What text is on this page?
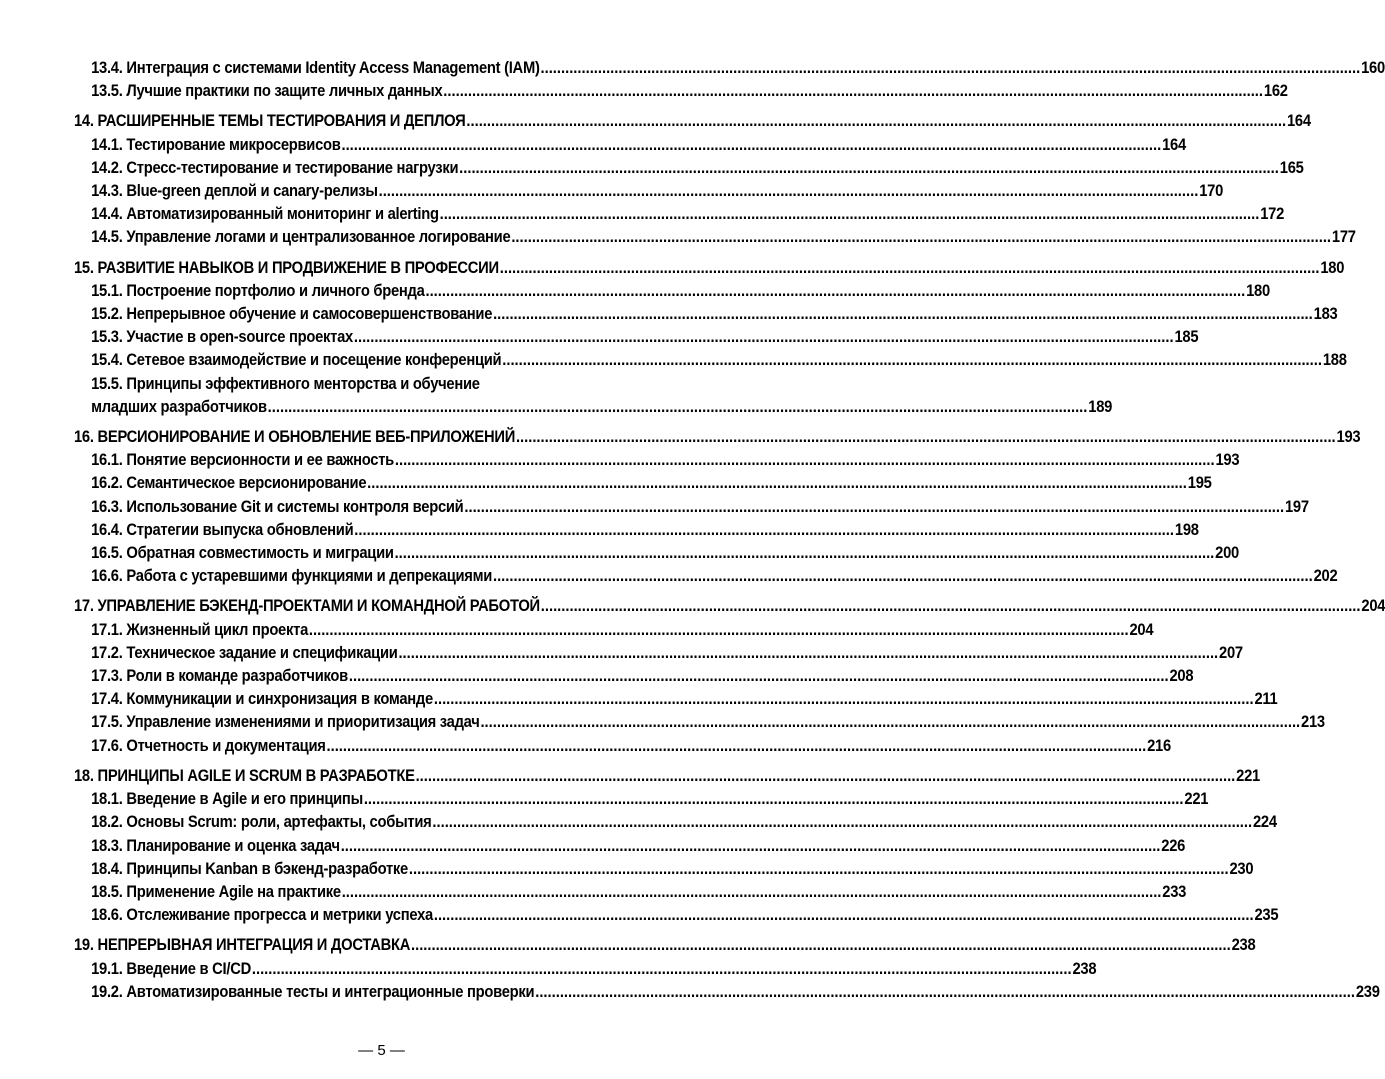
13.4. Интеграция с системами Identity Access Management (IAM) .....	160
13.5. Лучшие практики по защите личных данных .....	162
14. РАСШИРЕННЫЕ ТЕМЫ ТЕСТИРОВАНИЯ И ДЕПЛОЯ .....	164
14.1. Тестирование микросервисов .....	164
14.2. Стресс-тестирование и тестирование нагрузки .....	165
14.3. Blue-green деплой и canary-релизы .....	170
14.4. Автоматизированный мониторинг и alerting .....	172
14.5. Управление логами и централизованное логирование .....	177
15. РАЗВИТИЕ НАВЫКОВ И ПРОДВИЖЕНИЕ В ПРОФЕССИИ .....	180
15.1. Построение портфолио и личного бренда .....	180
15.2. Непрерывное обучение и самосовершенствование .....	183
15.3. Участие в open-source проектах .....	185
15.4. Сетевое взаимодействие и посещение конференций .....	188
15.5. Принципы эффективного менторства и обучение
младших разработчиков .....	189
16. ВЕРСИОНИРОВАНИЕ И ОБНОВЛЕНИЕ ВЕБ-ПРИЛОЖЕНИЙ .....	193
16.1. Понятие версионности и ее важность .....	193
16.2. Семантическое версионирование .....	195
16.3. Использование Git и системы контроля версий .....	197
16.4. Стратегии выпуска обновлений .....	198
16.5. Обратная совместимость и миграции .....	200
16.6. Работа с устаревшими функциями и депрекациями .....	202
17. УПРАВЛЕНИЕ БЭКЕНД-ПРОЕКТАМИ И КОМАНДНОЙ РАБОТОЙ .....	204
17.1. Жизненный цикл проекта .....	204
17.2. Техническое задание и спецификации .....	207
17.3. Роли в команде разработчиков .....	208
17.4. Коммуникации и синхронизация в команде .....	211
17.5. Управление изменениями и приоритизация задач .....	213
17.6. Отчетность и документация .....	216
18. ПРИНЦИПЫ AGILE И SCRUM В РАЗРАБОТКЕ .....	221
18.1. Введение в Agile и его принципы .....	221
18.2. Основы Scrum: роли, артефакты, события .....	224
18.3. Планирование и оценка задач .....	226
18.4. Принципы Kanban в бэкенд-разработке .....	230
18.5. Применение Agile на практике .....	233
18.6. Отслеживание прогресса и метрики успеха .....	235
19. НЕПРЕРЫВНАЯ ИНТЕГРАЦИЯ И ДОСТАВКА .....	238
19.1. Введение в CI/CD .....	238
19.2. Автоматизированные тесты и интеграционные проверки .....	239
— 5 —
